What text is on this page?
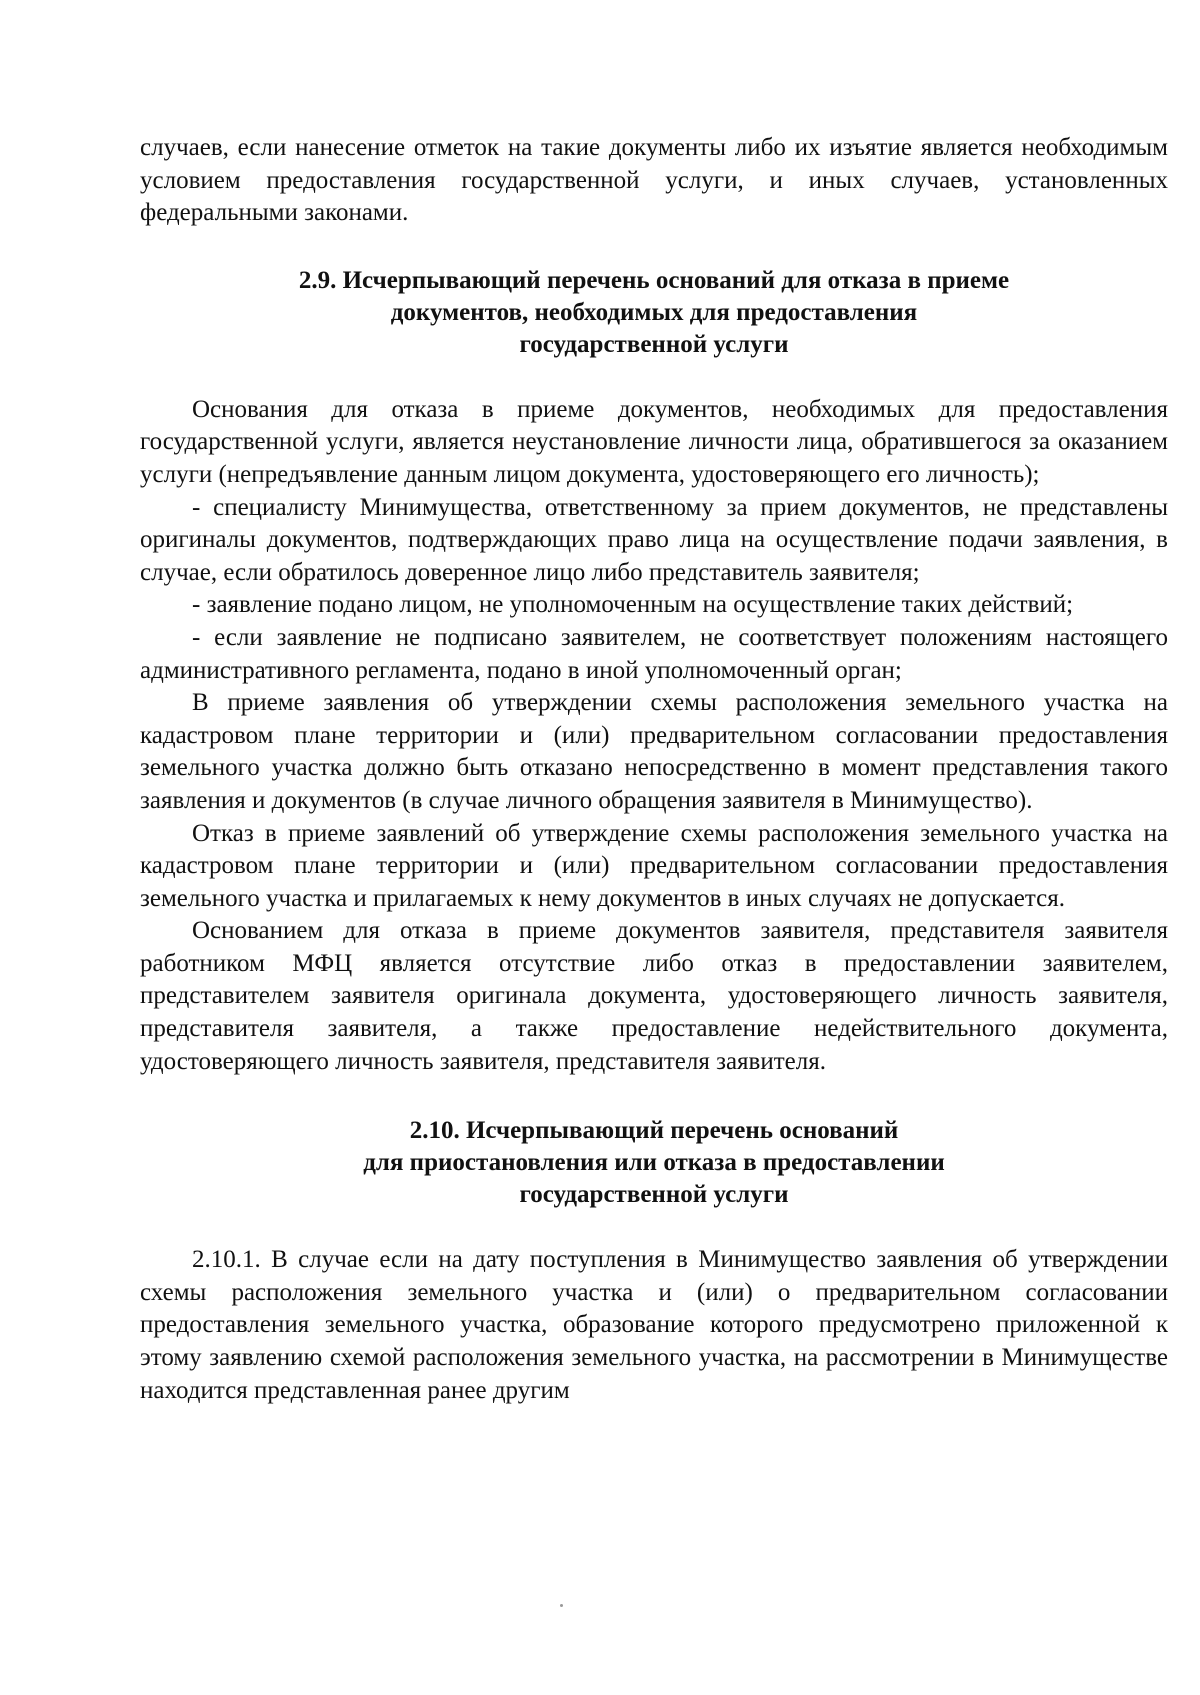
случаев, если нанесение отметок на такие документы либо их изъятие является необходимым условием предоставления государственной услуги, и иных случаев, установленных федеральными законами.

2.9. Исчерпывающий перечень оснований для отказа в приеме
документов, необходимых для предоставления
государственной услуги

Основания для отказа в приеме документов, необходимых для предоставления государственной услуги, является неустановление личности лица, обратившегося за оказанием услуги (непредъявление данным лицом документа, удостоверяющего его личность);

- специалисту Минимущества, ответственному за прием документов, не представлены оригиналы документов, подтверждающих право лица на осуществление подачи заявления, в случае, если обратилось доверенное лицо либо представитель заявителя;

- заявление подано лицом, не уполномоченным на осуществление таких действий;

- если заявление не подписано заявителем, не соответствует положениям настоящего административного регламента, подано в иной уполномоченный орган;

В приеме заявления об утверждении схемы расположения земельного участка на кадастровом плане территории и (или) предварительном согласовании предоставления земельного участка должно быть отказано непосредственно в момент представления такого заявления и документов (в случае личного обращения заявителя в Минимущество).

Отказ в приеме заявлений об утверждение схемы расположения земельного участка на кадастровом плане территории и (или) предварительном согласовании предоставления земельного участка и прилагаемых к нему документов в иных случаях не допускается.

Основанием для отказа в приеме документов заявителя, представителя заявителя работником МФЦ является отсутствие либо отказ в предоставлении заявителем, представителем заявителя оригинала документа, удостоверяющего личность заявителя, представителя заявителя, а также предоставление недействительного документа, удостоверяющего личность заявителя, представителя заявителя.

2.10. Исчерпывающий перечень оснований
для приостановления или отказа в предоставлении
государственной услуги

2.10.1. В случае если на дату поступления в Минимущество заявления об утверждении схемы расположения земельного участка и (или) о предварительном согласовании предоставления земельного участка, образование которого предусмотрено приложенной к этому заявлению схемой расположения земельного участка, на рассмотрении в Минимуществе находится представленная ранее другим
